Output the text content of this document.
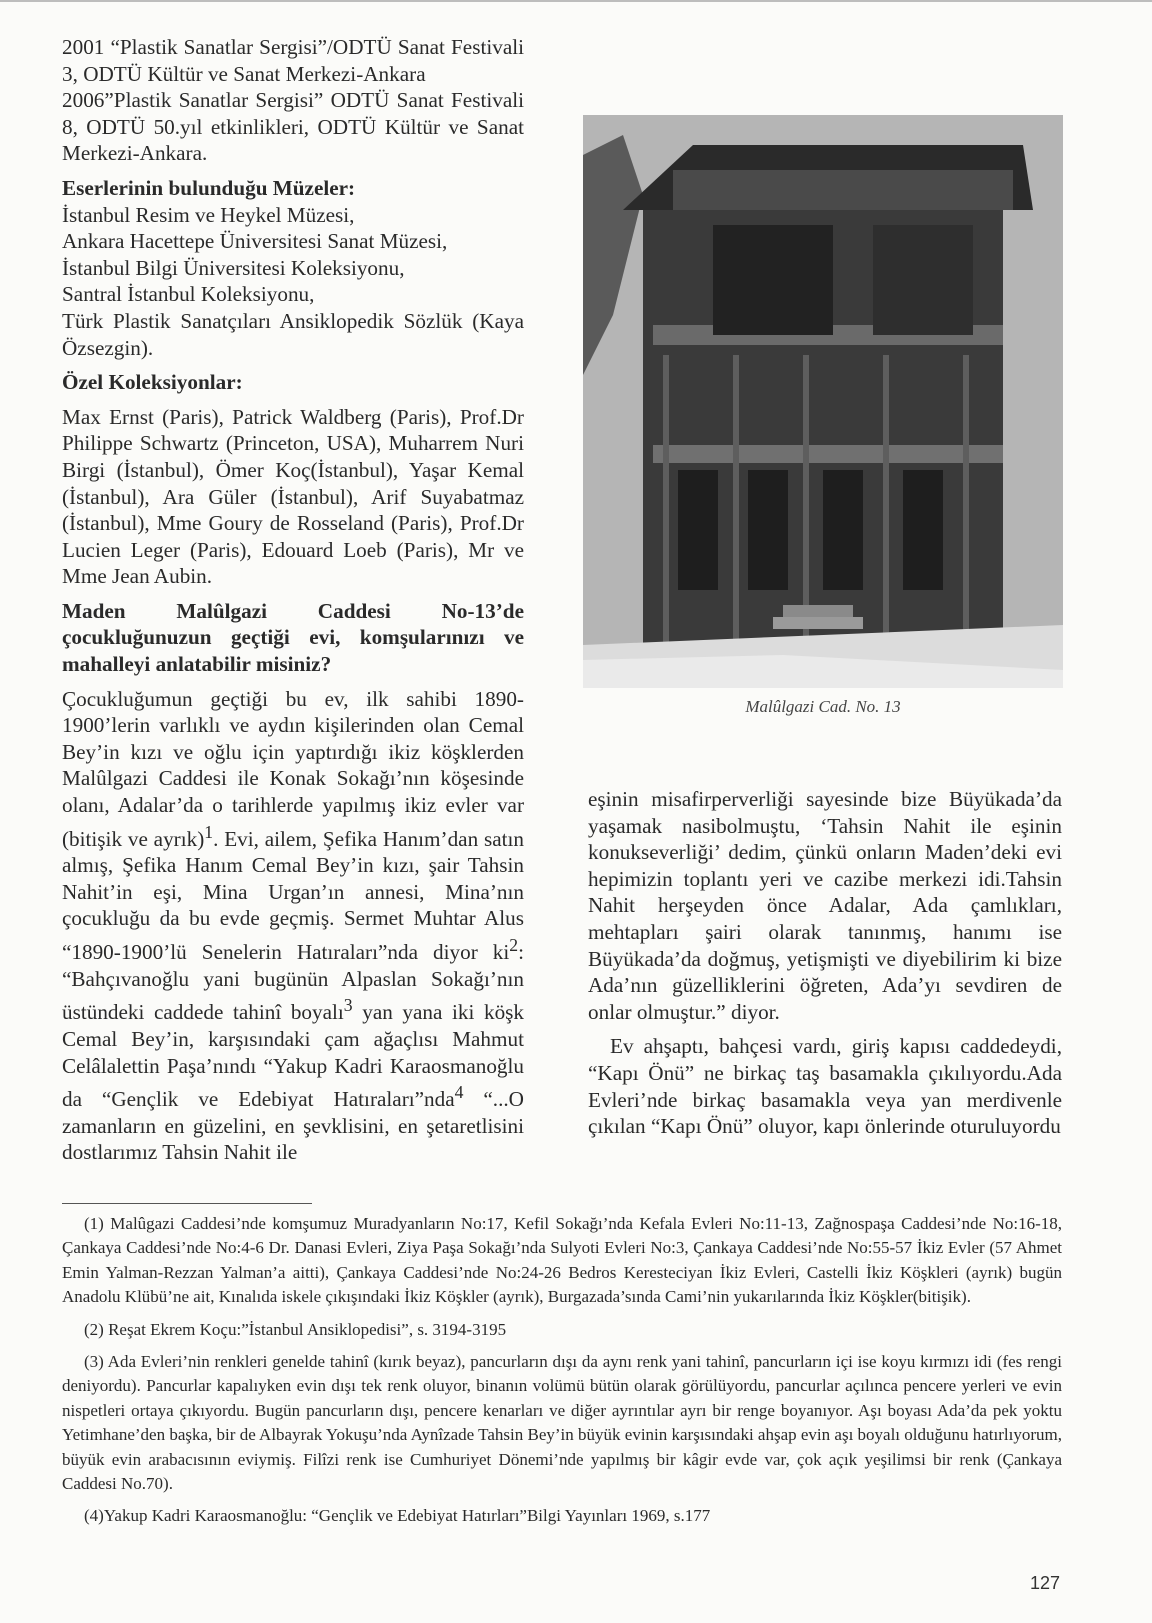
2001 “Plastik Sanatlar Sergisi”/ODTÜ Sanat Festivali 3, ODTÜ Kültür ve Sanat Merkezi-Ankara

2006”Plastik Sanatlar Sergisi” ODTÜ Sanat Festivali 8, ODTÜ 50.yıl etkinlikleri, ODTÜ Kültür ve Sanat Merkezi-Ankara.

Eserlerinin bulunduğu Müzeler:

İstanbul Resim ve Heykel Müzesi,

Ankara Hacettepe Üniversitesi Sanat Müzesi,

İstanbul Bilgi Üniversitesi Koleksiyonu,

Santral İstanbul Koleksiyonu,

Türk Plastik Sanatçıları Ansiklopedik Sözlük (Kaya Özsezgin).

Özel Koleksiyonlar:

Max Ernst (Paris), Patrick Waldberg (Paris), Prof.Dr Philippe Schwartz (Princeton, USA), Muharrem Nuri Birgi (İstanbul), Ömer Koç(İstanbul), Yaşar Kemal (İstanbul), Ara Güler (İstanbul), Arif Suyabatmaz (İstanbul), Mme Goury de Rosseland (Paris), Prof.Dr Lucien Leger (Paris), Edouard Loeb (Paris), Mr ve Mme Jean Aubin.

Maden Malûlgazi Caddesi No-13’de çocukluğunuzun geçtiği evi, komşularınızı ve mahalleyi anlatabilir misiniz?

Çocukluğumun geçtiği bu ev, ilk sahibi 1890-1900’lerin varlıklı ve aydın kişilerinden olan Cemal Bey’in kızı ve oğlu için yaptırdığı ikiz köşklerden Malûlgazi Caddesi ile Konak Sokağı’nın köşesinde olanı, Adalar’da o tarihlerde yapılmış ikiz evler var (bitişik ve ayrık)$^1$. Evi, ailem, Şefika Hanım’dan satın almış, Şefika Hanım Cemal Bey’in kızı, şair Tahsin Nahit’in eşi, Mina Urgan’ın annesi, Mina’nın çocukluğu da bu evde geçmiş. Sermet Muhtar Alus “1890-1900’lü Senelerin Hatıraları”nda diyor $ki^2$: “Bahçıvanoğlu yani bugünün Alpaslan Sokağı’nın üstündeki caddede tahinî boyalı$^3$ yan yana iki köşk Cemal Bey’in, karşısındaki çam ağaçlısı Mahmut Celâlalettin Paşa’nındı “Yakup Kadri Karaosmanoğlu da “Gençlik ve Edebiyat Hatıraları”nda$^4$ “...O zamanların en güzelini, en şevklisini, en şetaretlisini dostlarımız Tahsin Nahit ile

Malûlgazi Cad. No. 13

eşinin misafirperverliği sayesinde bize Büyükada’da yaşamak nasibolmuştu, ‘Tahsin Nahit ile eşinin konukseverliği’ dedim, çünkü onların Maden’deki evi hepimizin toplantı yeri ve cazibe merkezi idi.Tahsin Nahit herşeyden önce Adalar, Ada çamlıkları, mehtapları şairi olarak tanınmış, hanımı ise Büyükada’da doğmuş, yetişmişti ve diyebilirim ki bize Ada’nın güzelliklerini öğreten, Ada’yı sevdiren de onlar olmuştur.” diyor.

Ev ahşaptı, bahçesi vardı, giriş kapısı caddedeydi, “Kapı Önü” ne birkaç taş basamakla çıkılıyordu.Ada Evleri’nde birkaç basamakla veya yan merdivenle çıkılan “Kapı Önü” oluyor, kapı önlerinde oturuluyordu

(1) Malûgazi Caddesi’nde komşumuz Muradyanların No:17, Kefil Sokağı’nda Kefala Evleri No:11-13, Zağnospaşa Caddesi’nde No:16-18, Çankaya Caddesi’nde No:4-6 Dr. Danasi Evleri, Ziya Paşa Sokağı’nda Sulyoti Evleri No:3, Çankaya Caddesi’nde No:55-57 İkiz Evler (57 Ahmet Emin Yalman-Rezzan Yalman’a aitti), Çankaya Caddesi’nde No:24-26 Bedros Keresteciyan İkiz Evleri, Castelli İkiz Köşkleri (ayrık) bugün Anadolu Klübü’ne ait, Kınalıda iskele çıkışındaki İkiz Köşkler (ayrık), Burgazada’sında Cami’nin yukarılarında İkiz Köşkler(bitişik).

(2) Reşat Ekrem Koçu:”İstanbul Ansiklopedisi”, s. 3194-3195

(3) Ada Evleri’nin renkleri genelde tahinî (kırık beyaz), pancurların dışı da aynı renk yani tahinî, pancurların içi ise koyu kırmızı idi (fes rengi deniyordu). Pancurlar kapalıyken evin dışı tek renk oluyor, binanın volümü bütün olarak görülüyordu, pancurlar açılınca pencere yerleri ve evin nispetleri ortaya çıkıyordu. Bugün pancurların dışı, pencere kenarları ve diğer ayrıntılar ayrı bir renge boyanıyor. Aşı boyası Ada’da pek yoktu Yetimhane’den başka, bir de Albayrak Yokuşu’nda Aynîzade Tahsin Bey’in büyük evinin karşısındaki ahşap evin aşı boyalı olduğunu hatırlıyorum, büyük evin arabacısının eviymiş. Filîzi renk ise Cumhuriyet Dönemi’nde yapılmış bir kâgir evde var, çok açık yeşilimsi bir renk (Çankaya Caddesi No.70).

(4)Yakup Kadri Karaosmanoğlu: “Gençlik ve Edebiyat Hatırları”Bilgi Yayınları 1969, s.177

127
